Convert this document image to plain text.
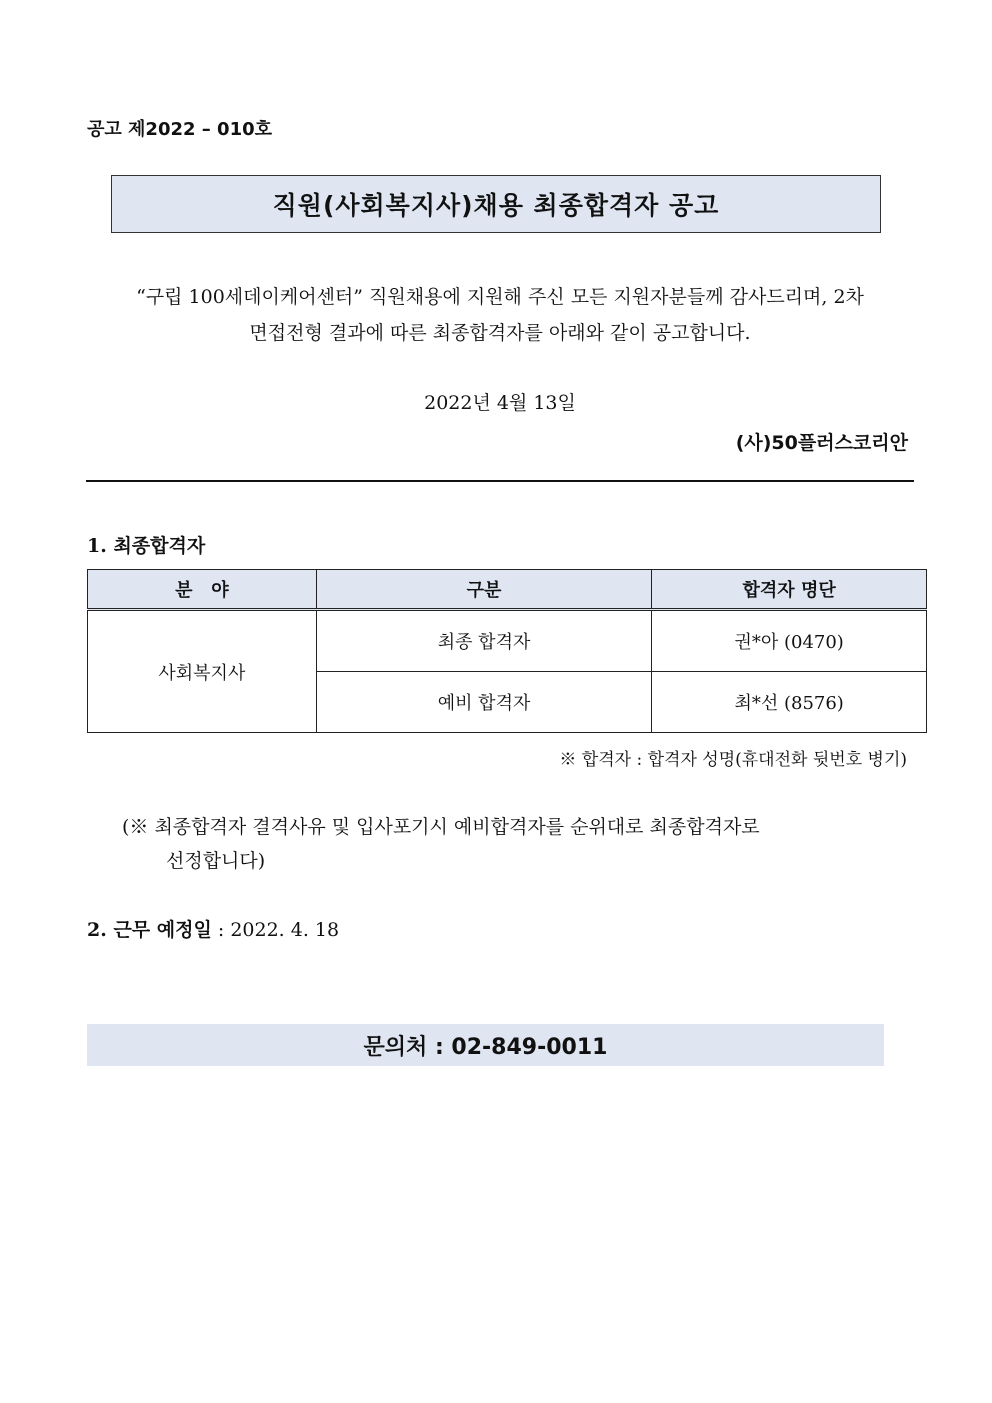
공고 제2022 – 010호
직원(사회복지사)채용 최종합격자 공고
“구립 100세데이케어센터” 직원채용에 지원해 주신 모든 지원자분들께 감사드리며, 2차
면접전형 결과에 따른 최종합격자를 아래와 같이 공고합니다.
2022년 4월 13일
(사)50플러스코리안
1. 최종합격자
분   야	구분	합격자 명단
사회복지사	최종 합격자	권*아 (0470)
	예비 합격자	최*선 (8576)
※ 합격자 : 합격자 성명(휴대전화 뒷번호 병기)
(※ 최종합격자 결격사유 및 입사포기시 예비합격자를 순위대로 최종합격자로
선정합니다)
2. 근무 예정일 : 2022. 4. 18
문의처 : 02-849-0011
